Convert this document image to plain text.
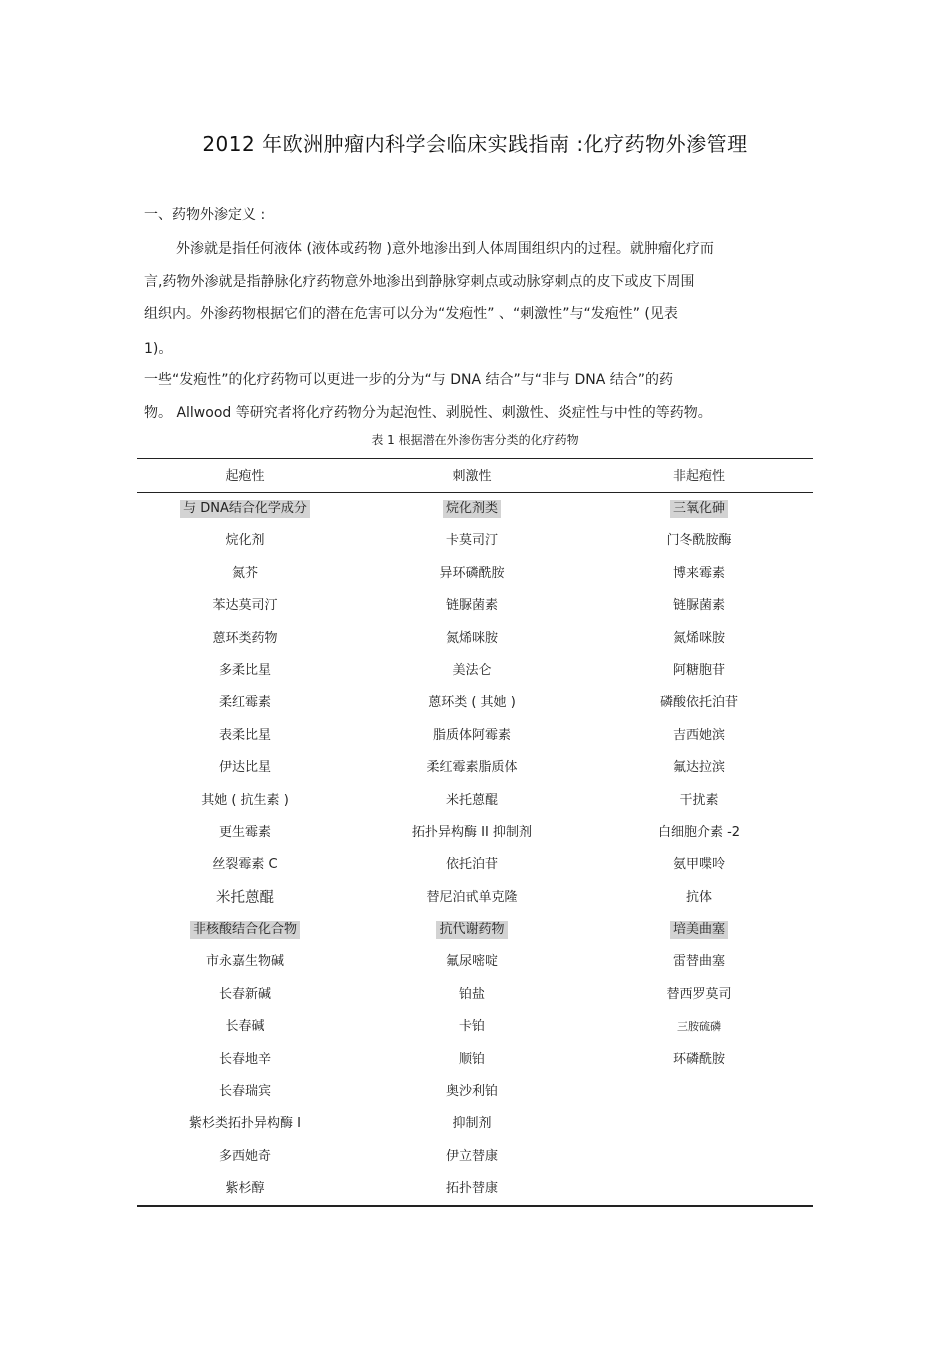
2012 年欧洲肿瘤内科学会临床实践指南 :化疗药物外渗管理
一、药物外渗定义 :
外渗就是指任何液体 (液体或药物 )意外地渗出到人体周围组织内的过程。就肿瘤化疗而
言,药物外渗就是指静脉化疗药物意外地渗出到静脉穿刺点或动脉穿刺点的皮下或皮下周围
组织内。外渗药物根据它们的潜在危害可以分为“发疱性” 、“刺激性”与“发疱性” (见表
1)。
一些“发疱性”的化疗药物可以更进一步的分为“与 DNA 结合”与“非与 DNA 结合”的药
物。 Allwood 等研究者将化疗药物分为起泡性、剥脱性、刺激性、炎症性与中性的等药物。
表 1 根据潜在外渗伤害分类的化疗药物
起疱性	刺激性	非起疱性
与 DNA结合化学成分
烷化剂
氮芥
苯达莫司汀
蒽环类药物
多柔比星
柔红霉素
表柔比星
伊达比星
其她 ( 抗生素 )
更生霉素
丝裂霉素 C
米托蒽醌
非核酸结合化合物
市永嘉生物碱
长春新碱
长春碱
长春地辛
长春瑞宾
紫杉类拓扑异构酶 I
多西她奇
紫杉醇
烷化剂类
卡莫司汀
异环磷酰胺
链脲菌素
氮烯咪胺
美法仑
蒽环类 ( 其她 )
脂质体阿霉素
柔红霉素脂质体
米托蒽醌
拓扑异构酶 II 抑制剂
依托泊苷
替尼泊甙单克隆
抗代谢药物
氟尿嘧啶
铂盐
卡铂
顺铂
奥沙利铂
抑制剂
伊立替康
拓扑替康
三氧化砷
门冬酰胺酶
博来霉素
链脲菌素
氮烯咪胺
阿糖胞苷
磷酸依托泊苷
吉西她滨
氟达拉滨
干扰素
白细胞介素 -2
氨甲喋呤
抗体
培美曲塞
雷替曲塞
替西罗莫司
三胺硫磷
环磷酰胺
